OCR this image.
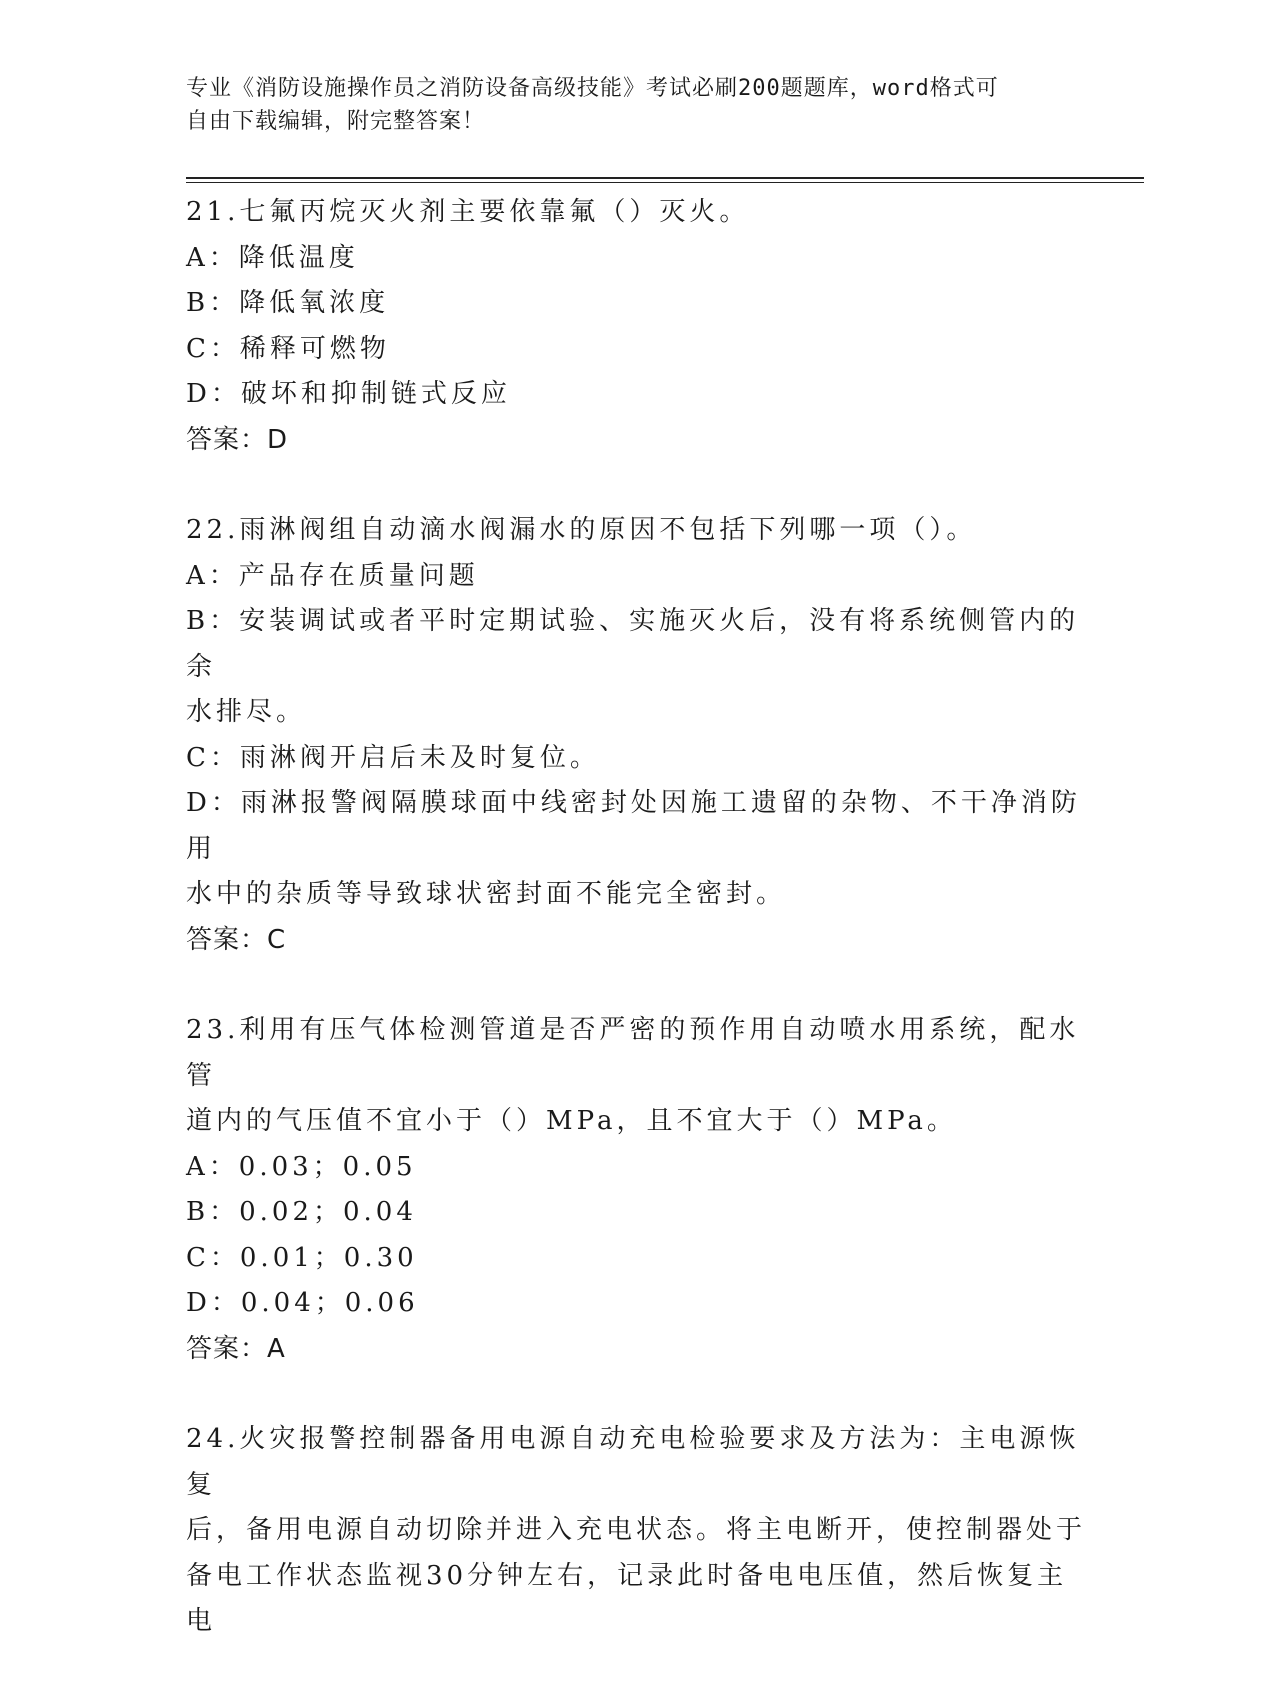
专业《消防设施操作员之消防设备高级技能》考试必刷200题题库，word格式可
自由下载编辑，附完整答案！
21.七氟丙烷灭火剂主要依靠氟（）灭火。
A：降低温度
B：降低氧浓度
C：稀释可燃物
D：破坏和抑制链式反应
答案：D
22.雨淋阀组自动滴水阀漏水的原因不包括下列哪一项（）。
A：产品存在质量问题
B：安装调试或者平时定期试验、实施灭火后，没有将系统侧管内的余
水排尽。
C：雨淋阀开启后未及时复位。
D：雨淋报警阀隔膜球面中线密封处因施工遗留的杂物、不干净消防用
水中的杂质等导致球状密封面不能完全密封。
答案：C
23.利用有压气体检测管道是否严密的预作用自动喷水用系统，配水管
道内的气压值不宜小于（）MPa，且不宜大于（）MPa。
A：0.03；0.05
B：0.02；0.04
C：0.01；0.30
D：0.04；0.06
答案：A
24.火灾报警控制器备用电源自动充电检验要求及方法为：主电源恢复
后，备用电源自动切除并进入充电状态。将主电断开，使控制器处于
备电工作状态监视30分钟左右，记录此时备电电压值，然后恢复主电
